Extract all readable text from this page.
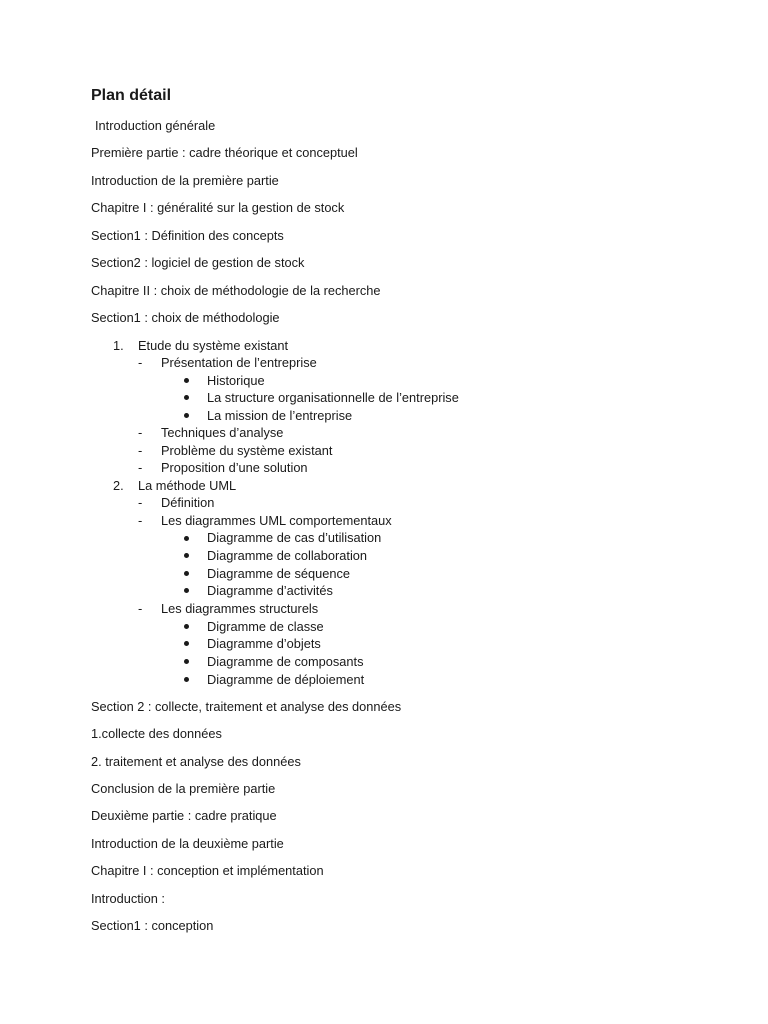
Plan détail
Introduction générale
Première partie : cadre théorique et conceptuel
Introduction de la première partie
Chapitre I : généralité sur la gestion de stock
Section1 : Définition des concepts
Section2 : logiciel de gestion de stock
Chapitre II : choix de méthodologie de la recherche
Section1 : choix de méthodologie
1. Etude du système existant
- Présentation de l’entreprise
Historique
La structure organisationnelle de l’entreprise
La mission de l’entreprise
- Techniques d’analyse
- Problème du système existant
- Proposition d’une solution
2. La méthode UML
- Définition
- Les diagrammes UML comportementaux
Diagramme de cas d’utilisation
Diagramme de collaboration
Diagramme de séquence
Diagramme d’activités
- Les diagrammes structurels
Digramme de classe
Diagramme d’objets
Diagramme de composants
Diagramme de déploiement
Section 2 : collecte, traitement et analyse des données
1.collecte des données
2. traitement et analyse des données
Conclusion de la première partie
Deuxième partie : cadre pratique
Introduction de la deuxième partie
Chapitre I : conception et implémentation
Introduction :
Section1 : conception
